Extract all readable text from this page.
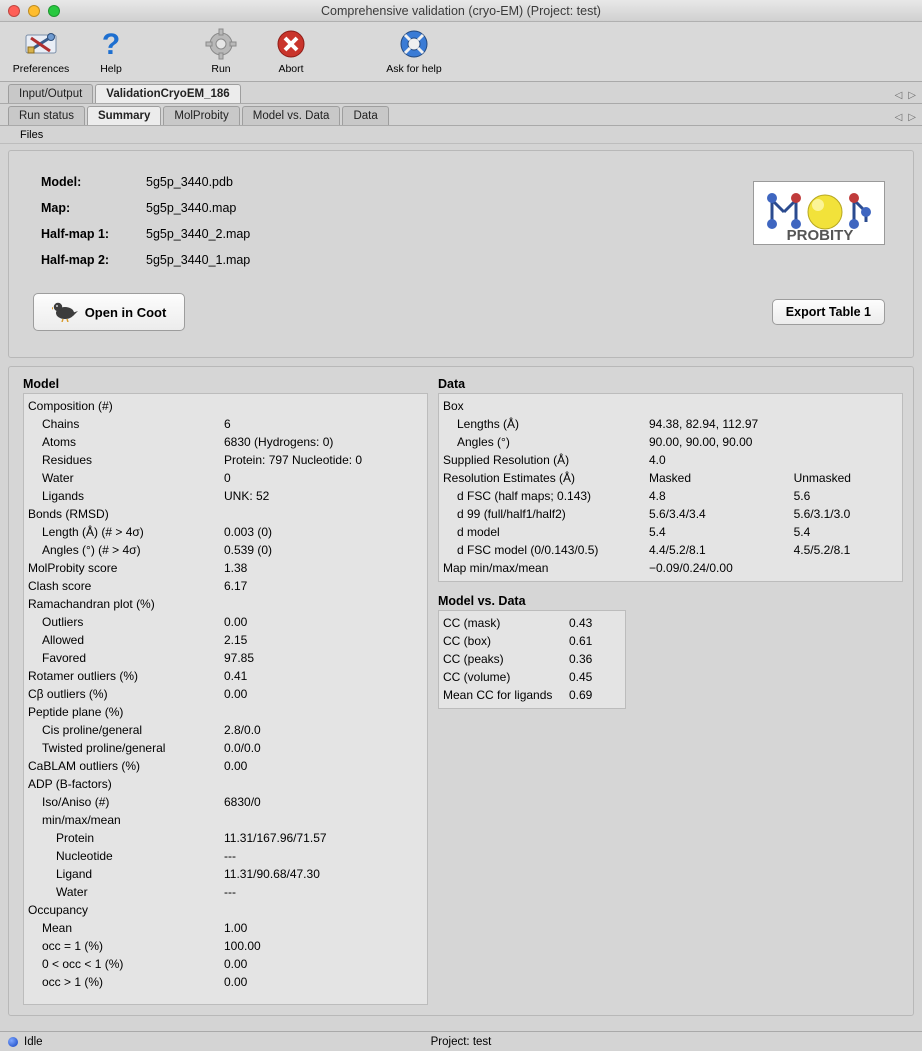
Comprehensive validation (cryo-EM) (Project: test)
Preferences
?
Help	Run	Abort	Ask for help
Input/Output	ValidationCryoEM_186	◁ ▷
Run status	Summary	MolProbity	Model vs. Data	Data	◁ ▷
Files
Model:	5g5p_3440.pdb
Map:	5g5p_3440.map
Half-map 1:	5g5p_3440_2.map
Half-map 2:	5g5p_3440_1.map
PROBITY
Open in Coot	Export Table 1
Model
Composition (#)
Chains	6
Atoms	6830 (Hydrogens: 0)
Residues	Protein: 797 Nucleotide: 0
Water	0
Ligands	UNK: 52
Bonds (RMSD)
Length (Å) (# > 4σ)	0.003 (0)
Angles (°) (# > 4σ)	0.539 (0)
MolProbity score	1.38
Clash score	6.17
Ramachandran plot (%)
Outliers	0.00
Allowed	2.15
Favored	97.85
Rotamer outliers (%)	0.41
Cβ outliers (%)	0.00
Peptide plane (%)
Cis proline/general	2.8/0.0
Twisted proline/general	0.0/0.0
CaBLAM outliers (%)	0.00
ADP (B-factors)
Iso/Aniso (#)	6830/0
min/max/mean
Protein	11.31/167.96/71.57
Nucleotide	---
Ligand	11.31/90.68/47.30
Water	---
Occupancy
Mean	1.00
occ = 1 (%)	100.00
0 < occ < 1 (%)	0.00
occ > 1 (%)	0.00
Data
Box
Lengths (Å)	94.38, 82.94, 112.97
Angles (°)	90.00, 90.00, 90.00
Supplied Resolution (Å)	4.0
Resolution Estimates (Å)	Masked	Unmasked
d FSC (half maps; 0.143)	4.8	5.6
d 99 (full/half1/half2)	5.6/3.4/3.4	5.6/3.1/3.0
d model	5.4	5.4
d FSC model (0/0.143/0.5)	4.4/5.2/8.1	4.5/5.2/8.1
Map min/max/mean	−0.09/0.24/0.00
Model vs. Data
CC (mask)	0.43
CC (box)	0.61
CC (peaks)	0.36
CC (volume)	0.45
Mean CC for ligands	0.69
Idle	Project: test
